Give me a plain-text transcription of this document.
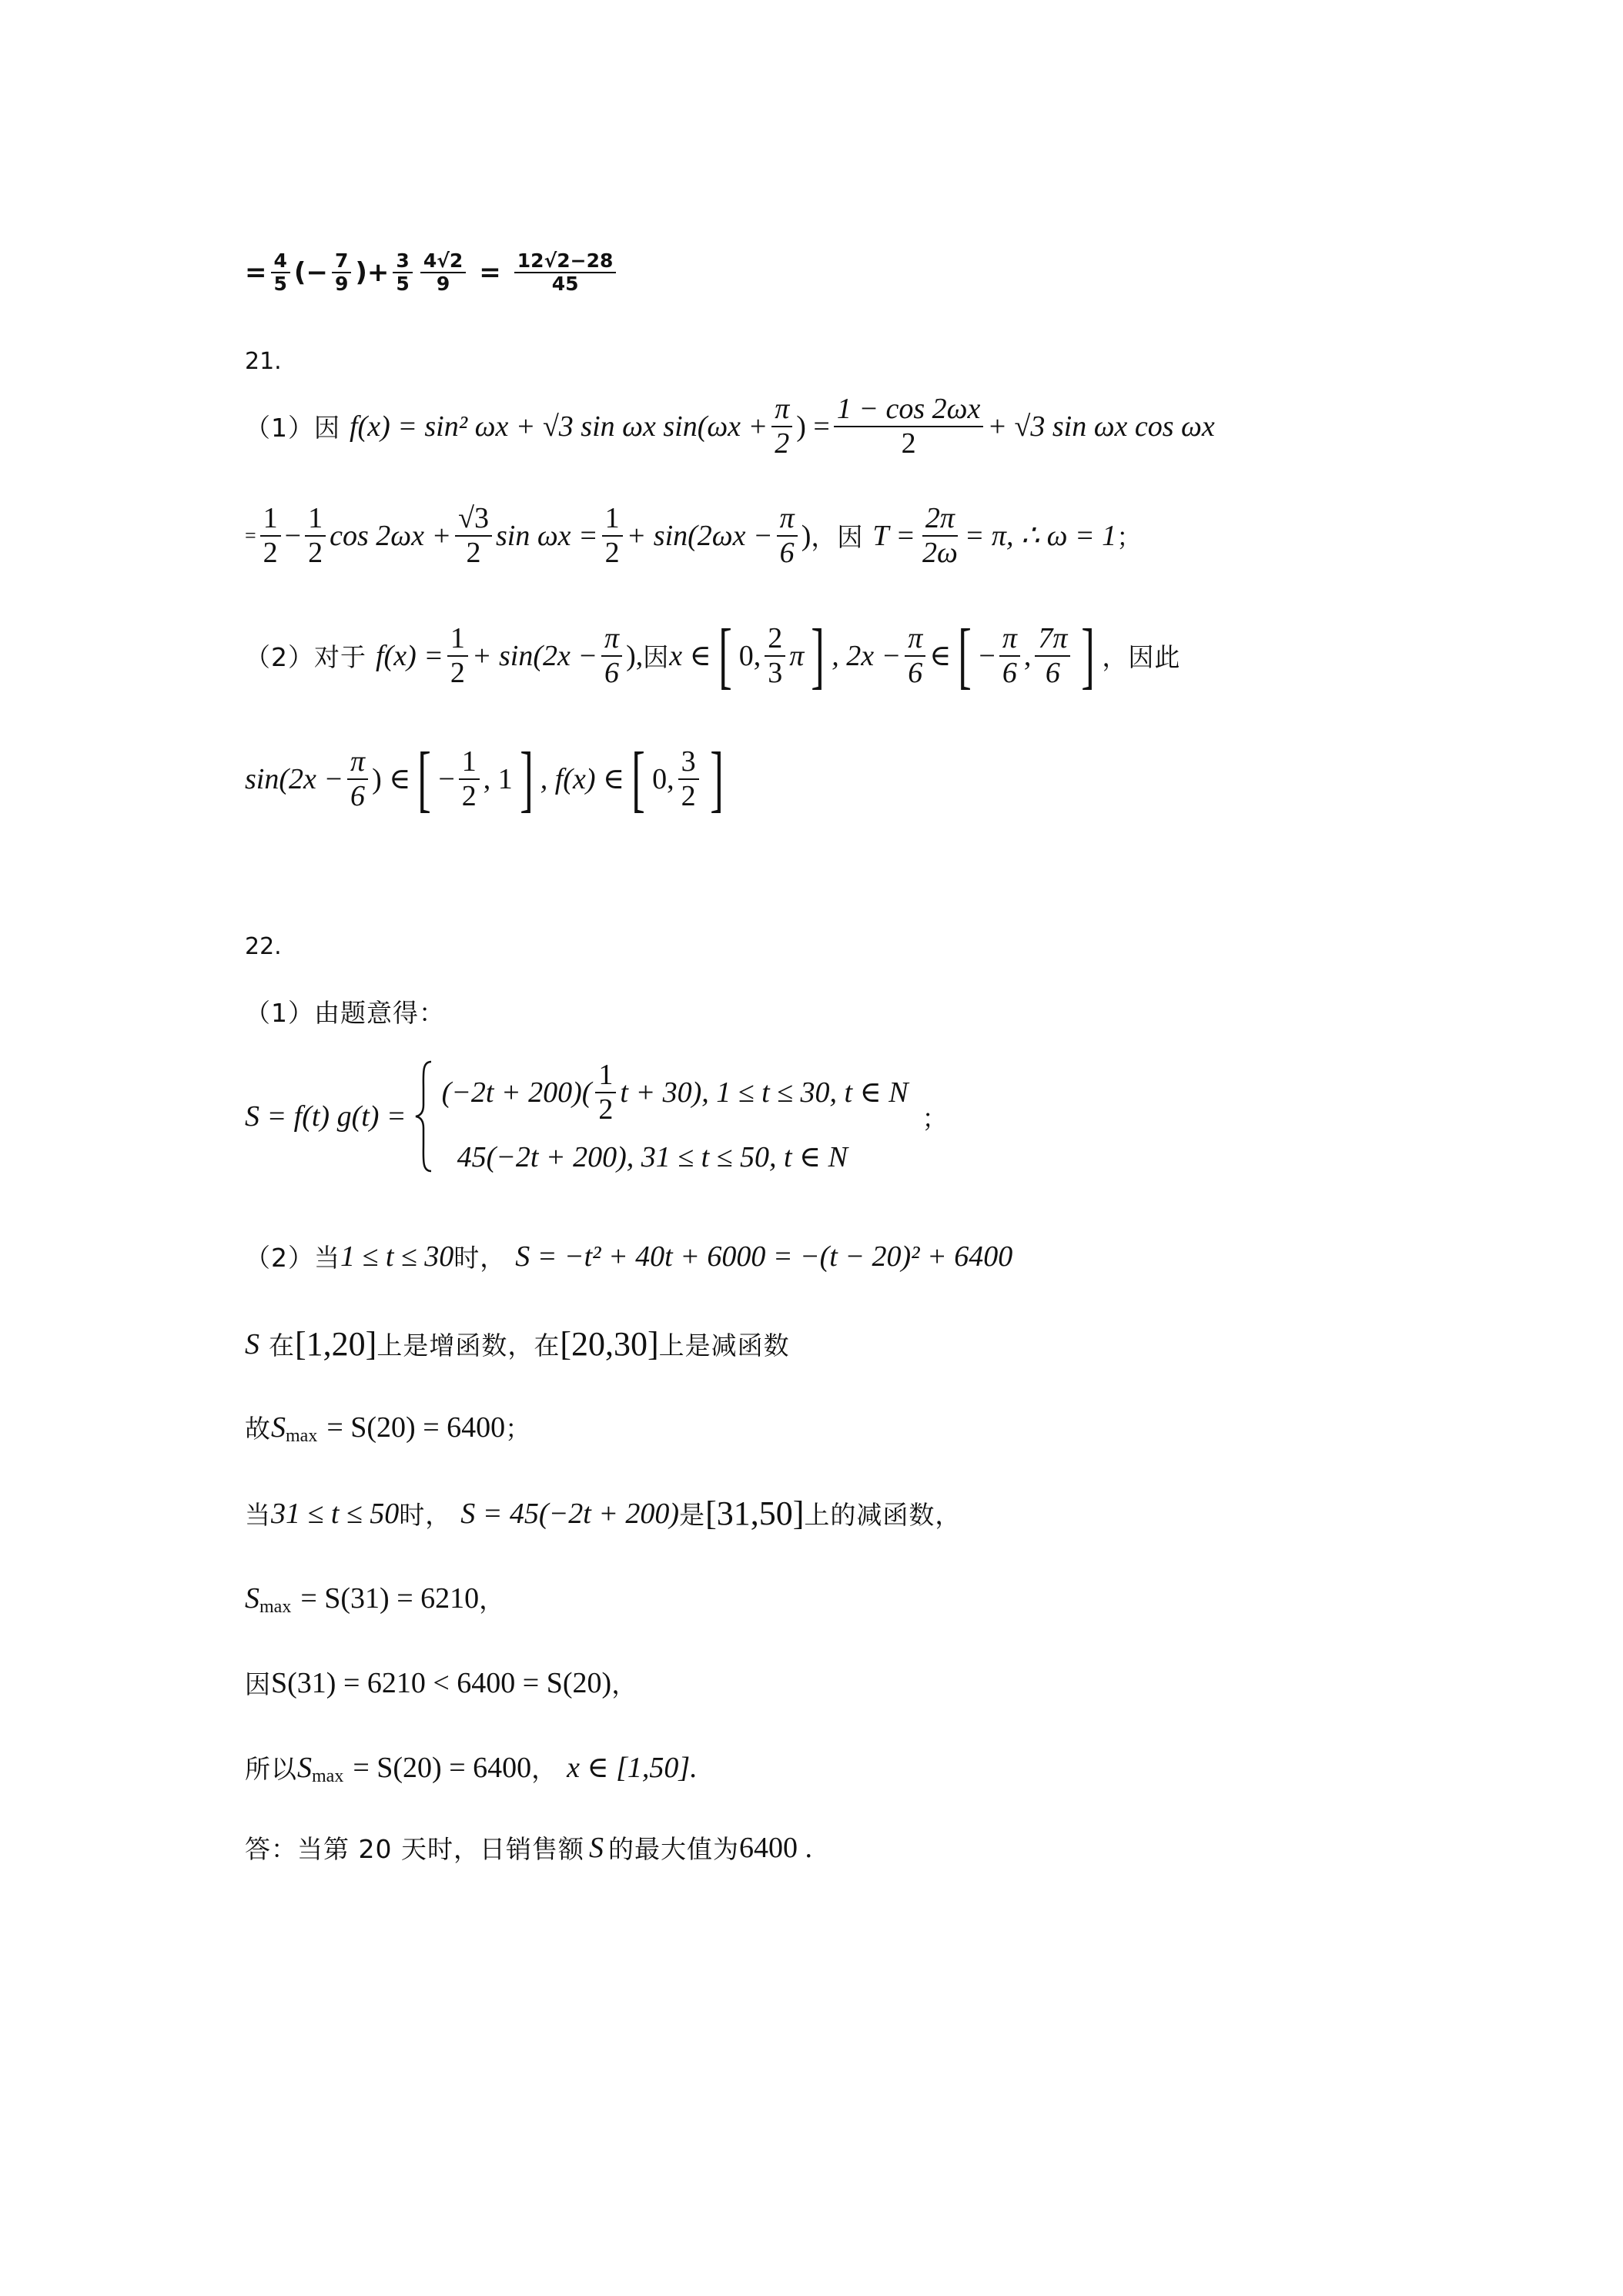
= $\frac{4}{5}$ ( − $\frac{7}{9}$ ) + $\frac{3}{5} \frac{4√2}{9} = \frac{12√2-28}{45}$
21.
（1）因 f(x) = sin² ωx + √3 sin ωx $\sin(\omega x + \frac{\pi}{2}$ ) = $\frac{1 - \cos 2\omega x}{2} + √3$ sin ωx cos ωx
= $\frac{1}{2} - \frac{1}{2}$ $\cos 2\omega x + \frac{√3}{2}$ $\sin \omega x = \frac{1}{2} + \sin(2\omega x - \frac{\pi}{6}$ ) ，因 $T = \frac{2\pi}{2\omega} = \pi$, ∴ ω = 1 ；
（2）对于 $f(x) = \frac{1}{2} + \sin(2x - \frac{\pi}{6}$ ), 因 x ∈ [ 0, $\frac{2}{3}$ π ] , $2x - \frac{\pi}{6}$ ∈ [ − $\frac{\pi}{6}$ , $\frac{7\pi}{6}$ ] ，因此
$\sin(2x - \frac{\pi}{6}$ ) ∈ [ − $\frac{1}{2}$ , 1 ] , f(x) ∈ [ 0, $\frac{3}{2}$ ]
22.
（1）由题意得：
S = f(t) g(t) =
$(-2t + 200)( \frac{1}{2}$ t + 30), 1 ≤ t ≤ 30, t ∈ N
45(−2t + 200), 31 ≤ t ≤ 50, t ∈ N
；
（2）当 1 ≤ t ≤ 30 时， S = −t² + 40t + 6000 = −(t − 20)² + 6400
S 在 [1,20] 上是增函数，在 [20,30] 上是减函数
故 S max = S(20) = 6400 ；
当 31 ≤ t ≤ 50 时， S = 45(−2t + 200) 是 [31,50] 上的减函数，
S max = S(31) = 6210 ，
因 S(31) = 6210 < 6400 = S(20) ，
所以 S max = S(20) = 6400 ， x ∈ [1,50].
答：当第 20 天时，日销售额 S 的最大值为 6400 .
